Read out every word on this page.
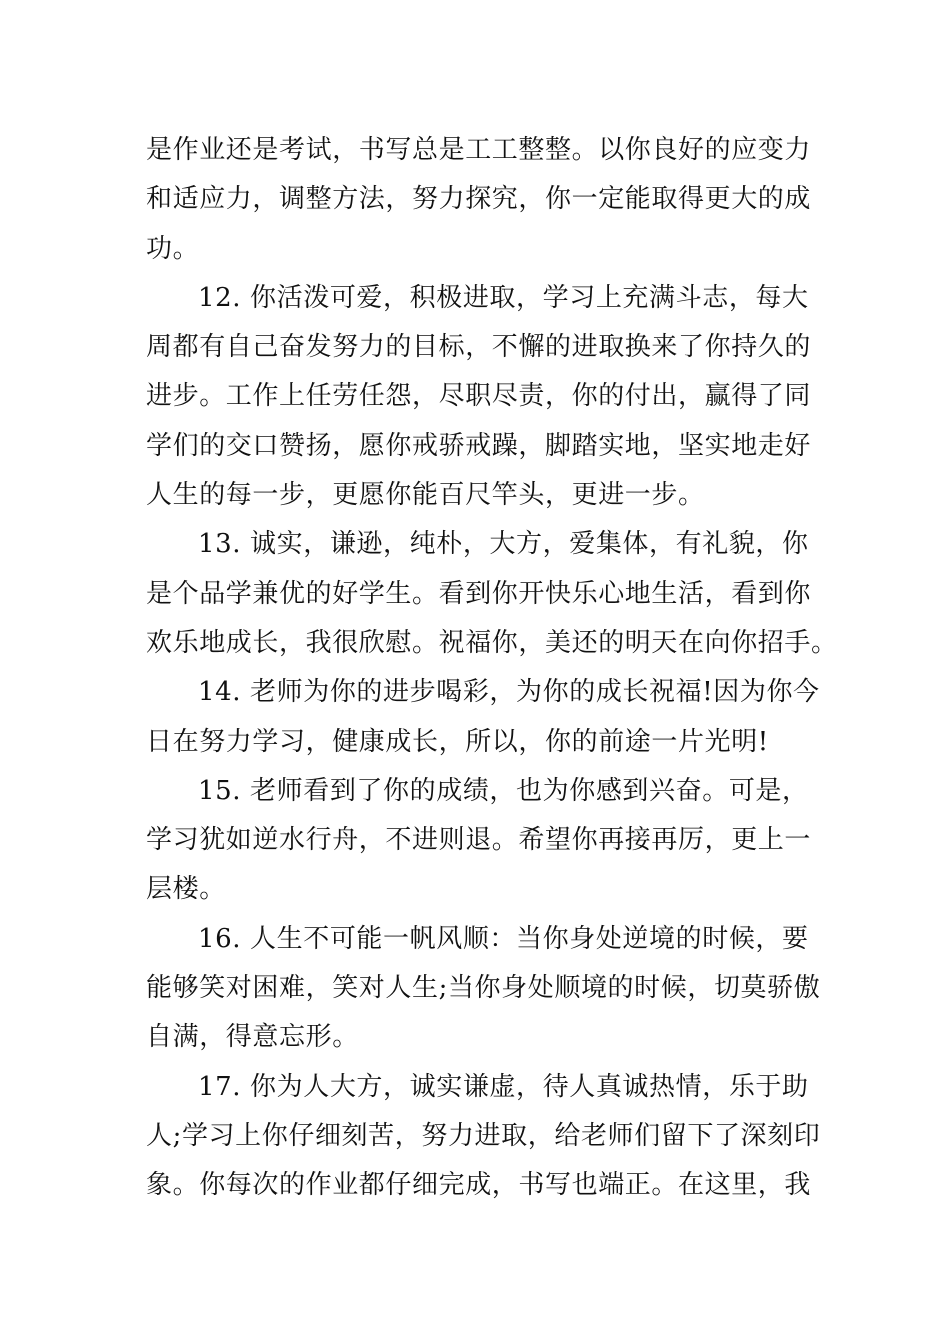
是作业还是考试，书写总是工工整整。以你良好的应变力
和适应力，调整方法，努力探究，你一定能取得更大的成
功。
12. 你活泼可爱，积极进取，学习上充满斗志，每大
周都有自己奋发努力的目标，不懈的进取换来了你持久的
进步。工作上任劳任怨，尽职尽责，你的付出，赢得了同
学们的交口赞扬，愿你戒骄戒躁，脚踏实地，坚实地走好
人生的每一步，更愿你能百尺竿头，更进一步。
13. 诚实，谦逊，纯朴，大方，爱集体，有礼貌，你
是个品学兼优的好学生。看到你开快乐心地生活，看到你
欢乐地成长，我很欣慰。祝福你，美还的明天在向你招手。
14. 老师为你的进步喝彩，为你的成长祝福!因为你今
日在努力学习，健康成长，所以，你的前途一片光明!
15. 老师看到了你的成绩，也为你感到兴奋。可是，
学习犹如逆水行舟，不进则退。希望你再接再厉，更上一
层楼。
16. 人生不可能一帆风顺：当你身处逆境的时候，要
能够笑对困难，笑对人生;当你身处顺境的时候，切莫骄傲
自满，得意忘形。
17. 你为人大方，诚实谦虚，待人真诚热情，乐于助
人;学习上你仔细刻苦，努力进取，给老师们留下了深刻印
象。你每次的作业都仔细完成，书写也端正。在这里，我
